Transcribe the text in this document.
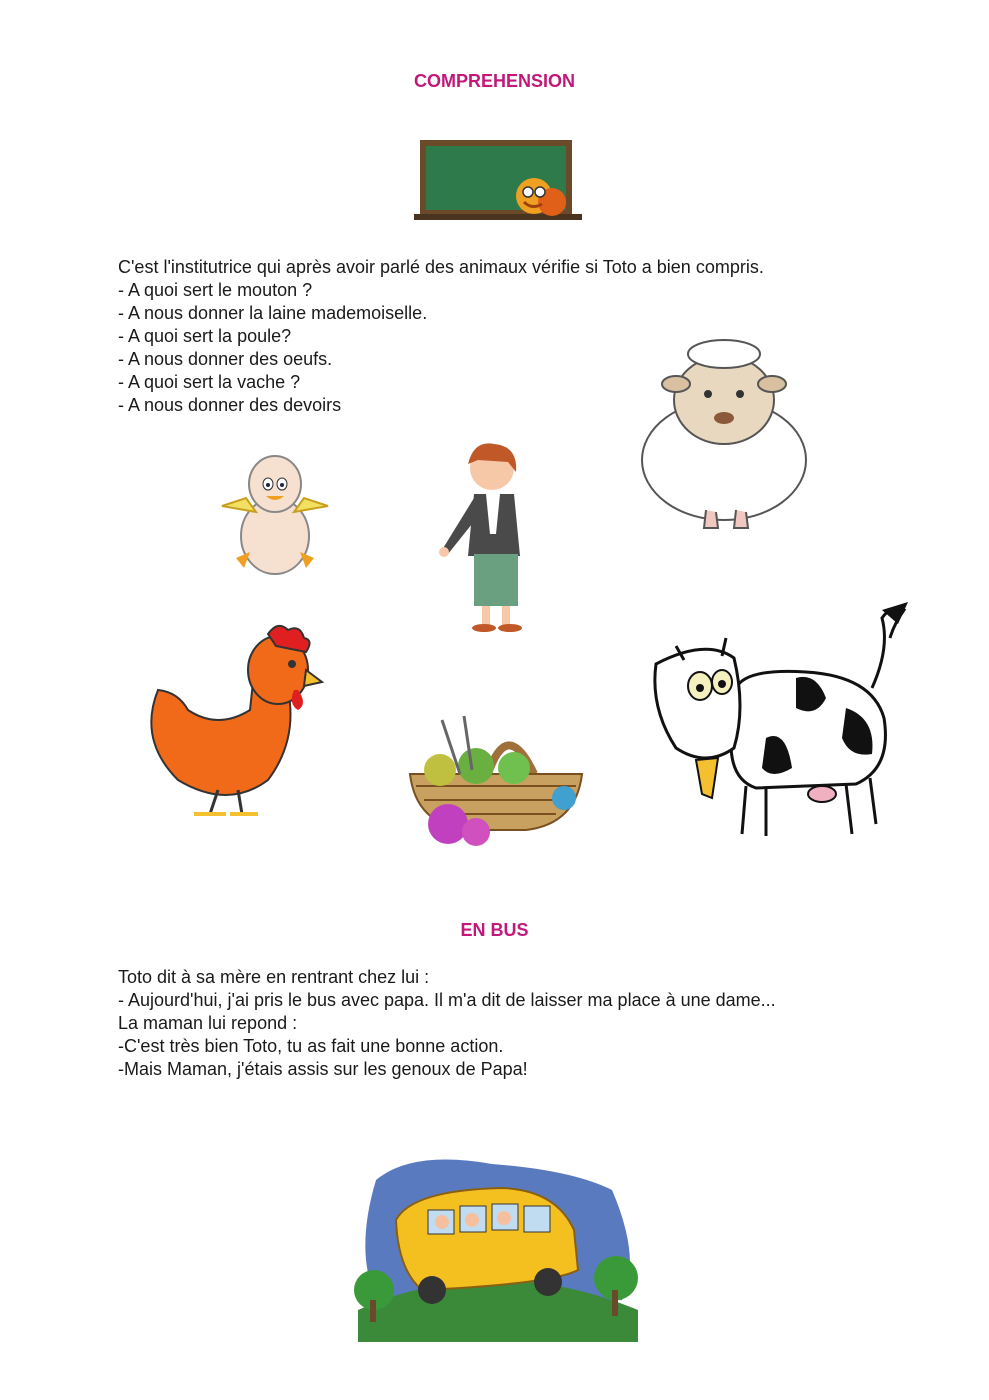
COMPREHENSION
C'est l'institutrice qui après avoir parlé des animaux vérifie si Toto a bien compris.
- A quoi sert le mouton ?
- A nous donner la laine mademoiselle.
- A quoi sert la poule?
- A nous donner des oeufs.
- A quoi sert la vache ?
- A nous donner des devoirs
EN BUS
Toto dit à sa mère en rentrant chez lui :
- Aujourd'hui, j'ai pris le bus avec papa. Il m'a dit de laisser ma place à une dame...
La maman lui repond :
-C'est très bien Toto, tu as fait une bonne action.
-Mais Maman, j'étais assis sur les genoux de Papa!
